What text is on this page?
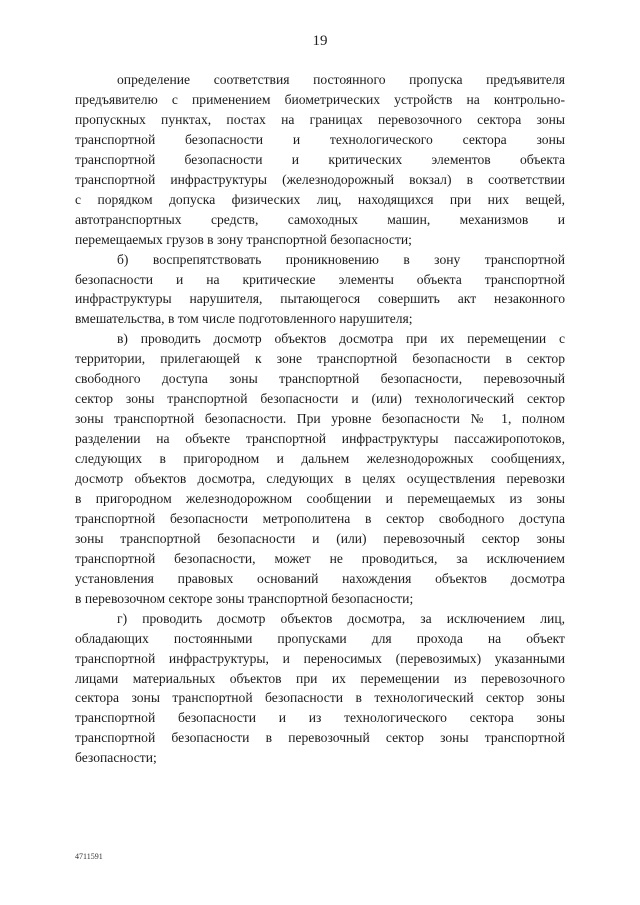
19
определение соответствия постоянного пропуска предъявителя
предъявителю с применением биометрических устройств на контрольно-
пропускных пунктах, постах на границах перевозочного сектора зоны
транспортной безопасности и технологического сектора зоны
транспортной безопасности и критических элементов объекта
транспортной инфраструктуры (железнодорожный вокзал) в соответствии
с порядком допуска физических лиц, находящихся при них вещей,
автотранспортных средств, самоходных машин, механизмов и
перемещаемых грузов в зону транспортной безопасности;
б) воспрепятствовать проникновению в зону транспортной
безопасности и на критические элементы объекта транспортной
инфраструктуры нарушителя, пытающегося совершить акт незаконного
вмешательства, в том числе подготовленного нарушителя;
в) проводить досмотр объектов досмотра при их перемещении с
территории, прилегающей к зоне транспортной безопасности в сектор
свободного доступа зоны транспортной безопасности, перевозочный
сектор зоны транспортной безопасности и (или) технологический сектор
зоны транспортной безопасности. При уровне безопасности № 1, полном
разделении на объекте транспортной инфраструктуры пассажиропотоков,
следующих в пригородном и дальнем железнодорожных сообщениях,
досмотр объектов досмотра, следующих в целях осуществления перевозки
в пригородном железнодорожном сообщении и перемещаемых из зоны
транспортной безопасности метрополитена в сектор свободного доступа
зоны транспортной безопасности и (или) перевозочный сектор зоны
транспортной безопасности, может не проводиться, за исключением
установления правовых оснований нахождения объектов досмотра
в перевозочном секторе зоны транспортной безопасности;
г) проводить досмотр объектов досмотра, за исключением лиц,
обладающих постоянными пропусками для прохода на объект
транспортной инфраструктуры, и переносимых (перевозимых) указанными
лицами материальных объектов при их перемещении из перевозочного
сектора зоны транспортной безопасности в технологический сектор зоны
транспортной безопасности и из технологического сектора зоны
транспортной безопасности в перевозочный сектор зоны транспортной
безопасности;
4711591
